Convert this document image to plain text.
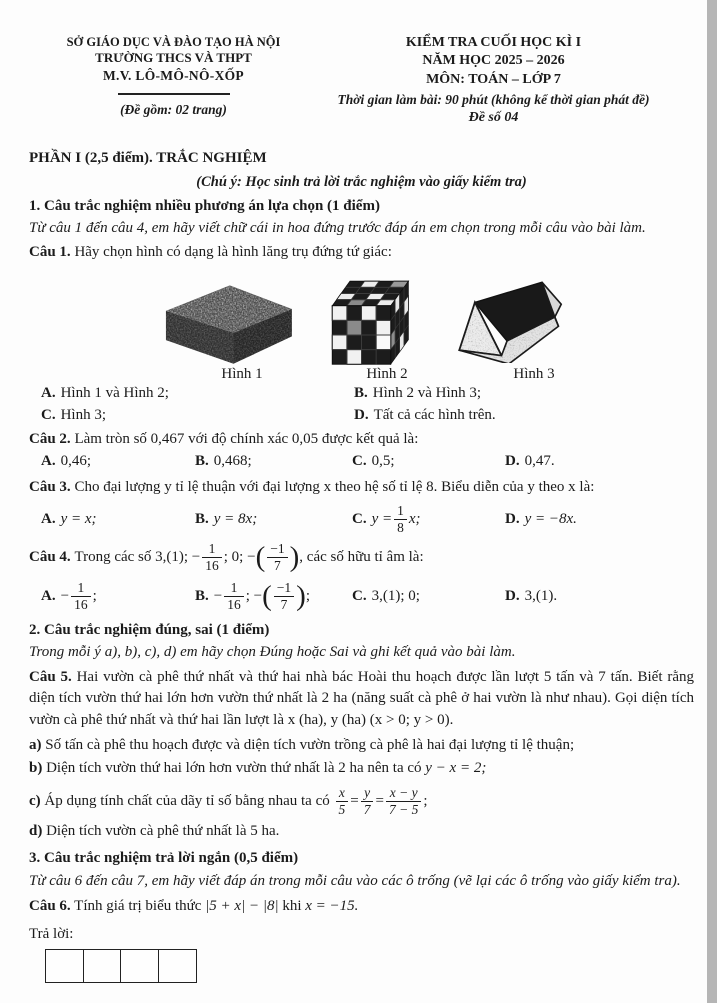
SỞ GIÁO DỤC VÀ ĐÀO TẠO HÀ NỘI
TRƯỜNG THCS VÀ THPT
M.V. LÔ-MÔ-NÔ-XỐP
(Đề gồm: 02 trang)
KIỂM TRA CUỐI HỌC KÌ I
NĂM HỌC 2025 – 2026
MÔN: TOÁN – LỚP 7
Thời gian làm bài: 90 phút (không kể thời gian phát đề)
Đề số 04
PHẦN I (2,5 điểm). TRẮC NGHIỆM
(Chú ý: Học sinh trả lời trắc nghiệm vào giấy kiểm tra)
1. Câu trắc nghiệm nhiều phương án lựa chọn (1 điểm)
Từ câu 1 đến câu 4, em hãy viết chữ cái in hoa đứng trước đáp án em chọn trong mỗi câu vào bài làm.
Câu 1. Hãy chọn hình có dạng là hình lăng trụ đứng tứ giác:
Hình 1	Hình 2	Hình 3
A. Hình 1 và Hình 2;	B. Hình 2 và Hình 3;
C. Hình 3;	D. Tất cả các hình trên.
Câu 2. Làm tròn số 0,467 với độ chính xác 0,05 được kết quả là:
A. 0,46;	B. 0,468;	C. 0,5;	D. 0,47.
Câu 3. Cho đại lượng y tỉ lệ thuận với đại lượng x theo hệ số tỉ lệ 8. Biểu diễn của y theo x là:
A. y = x;	B. y = 8x;	C. $y = \frac{1}{8} x$;	D. y = −8x.
Câu 4.
Trong các số 3,(1); − $\frac{1}{16}$ ; 0; − ( $\frac{-1}{7}$ ) , các số hữu tỉ âm là:
A. − $\frac{1}{16}$ ;	B. − $\frac{1}{16}$ ; − ( $\frac{-1}{7}$ ) ;	C. 3,(1); 0;	D. 3,(1).
2. Câu trắc nghiệm đúng, sai (1 điểm)
Trong mỗi ý a), b), c), d) em hãy chọn Đúng hoặc Sai và ghi kết quả vào bài làm.
Câu 5. Hai vườn cà phê thứ nhất và thứ hai nhà bác Hoài thu hoạch được lần lượt 5 tấn và 7 tấn. Biết rằng diện tích vườn thứ hai lớn hơn vườn thứ nhất là 2 ha (năng suất cà phê ở hai vườn là như nhau). Gọi diện tích vườn cà phê thứ nhất và thứ hai lần lượt là x (ha), y (ha) (x > 0; y > 0).
a) Số tấn cà phê thu hoạch được và diện tích vườn trồng cà phê là hai đại lượng tỉ lệ thuận;
b) Diện tích vườn thứ hai lớn hơn vườn thứ nhất là 2 ha nên ta có y − x = 2;
c)
Áp dụng tính chất của dãy tỉ số bằng nhau ta có
$\frac{x}{5} = \frac{y}{7} = \frac{x - y}{7 - 5}$ ;
d) Diện tích vườn cà phê thứ nhất là 5 ha.
3. Câu trắc nghiệm trả lời ngắn (0,5 điểm)
Từ câu 6 đến câu 7, em hãy viết đáp án trong mỗi câu vào các ô trống (vẽ lại các ô trống vào giấy kiểm tra).
Câu 6. Tính giá trị biểu thức |5 + x| − |8| khi x = −15.
Trả lời:
